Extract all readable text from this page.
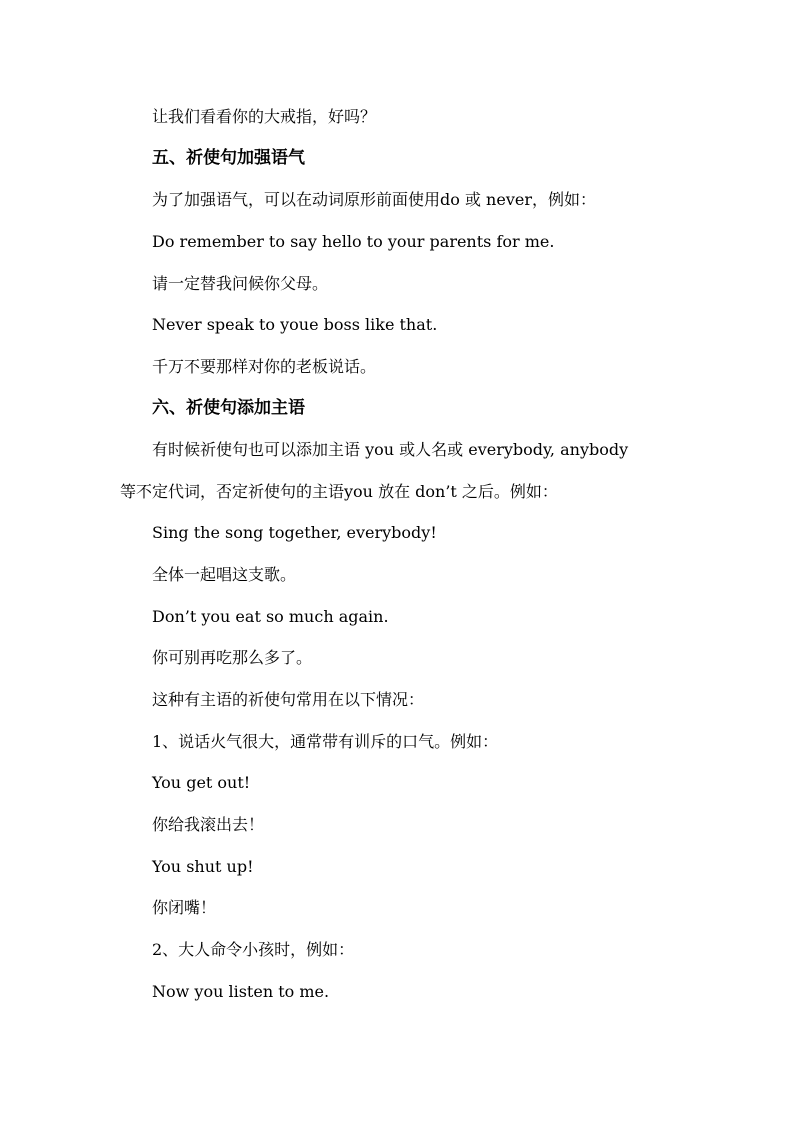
让我们看看你的大戒指，好吗？
五、祈使句加强语气
为了加强语气，可以在动词原形前面使用do 或 never，例如：
Do remember to say hello to your parents for me.
请一定替我问候你父母。
Never speak to youe boss like that.
千万不要那样对你的老板说话。
六、祈使句添加主语
有时候祈使句也可以添加主语 you 或人名或 everybody, anybody
等不定代词，否定祈使句的主语you 放在 don’t 之后。例如：
Sing the song together, everybody!
全体一起唱这支歌。
Don’t you eat so much again.
你可别再吃那么多了。
这种有主语的祈使句常用在以下情况：
1、说话火气很大，通常带有训斥的口气。例如：
You get out!
你给我滚出去！
You shut up!
你闭嘴！
2、大人命令小孩时，例如：
Now you listen to me.
